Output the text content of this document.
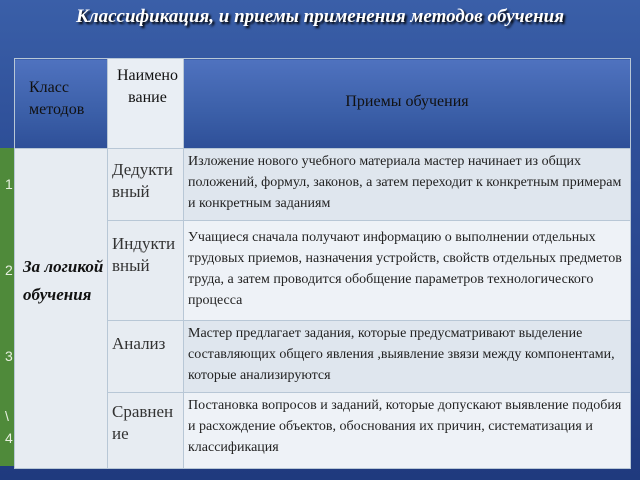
Классификация, и приемы применения методов обучения
1
2
3
\
4
Класс методов	Наименование	Приемы обучения

За логикой обучения	Дедуктивный	Изложение нового учебного материала мастер начинает из общих положений, формул, законов, а затем переходит к конкретным примерам и конкретным заданиям

	Индуктивный	Учащиеся сначала получают информацию о выполнении отдельных трудовых приемов, назначения устройств, свойств отдельных предметов труда, а затем проводится обобщение параметров технологического процесса

	Анализ	Мастер предлагает задания, которые предусматривают выделение составляющих общего явления ,выявление звязи между компонентами, которые анализируются

	Сравнение	Постановка вопросов и заданий, которые допускают выявление подобия и расхождение объектов, обоснования их причин, систематизация и классификация
